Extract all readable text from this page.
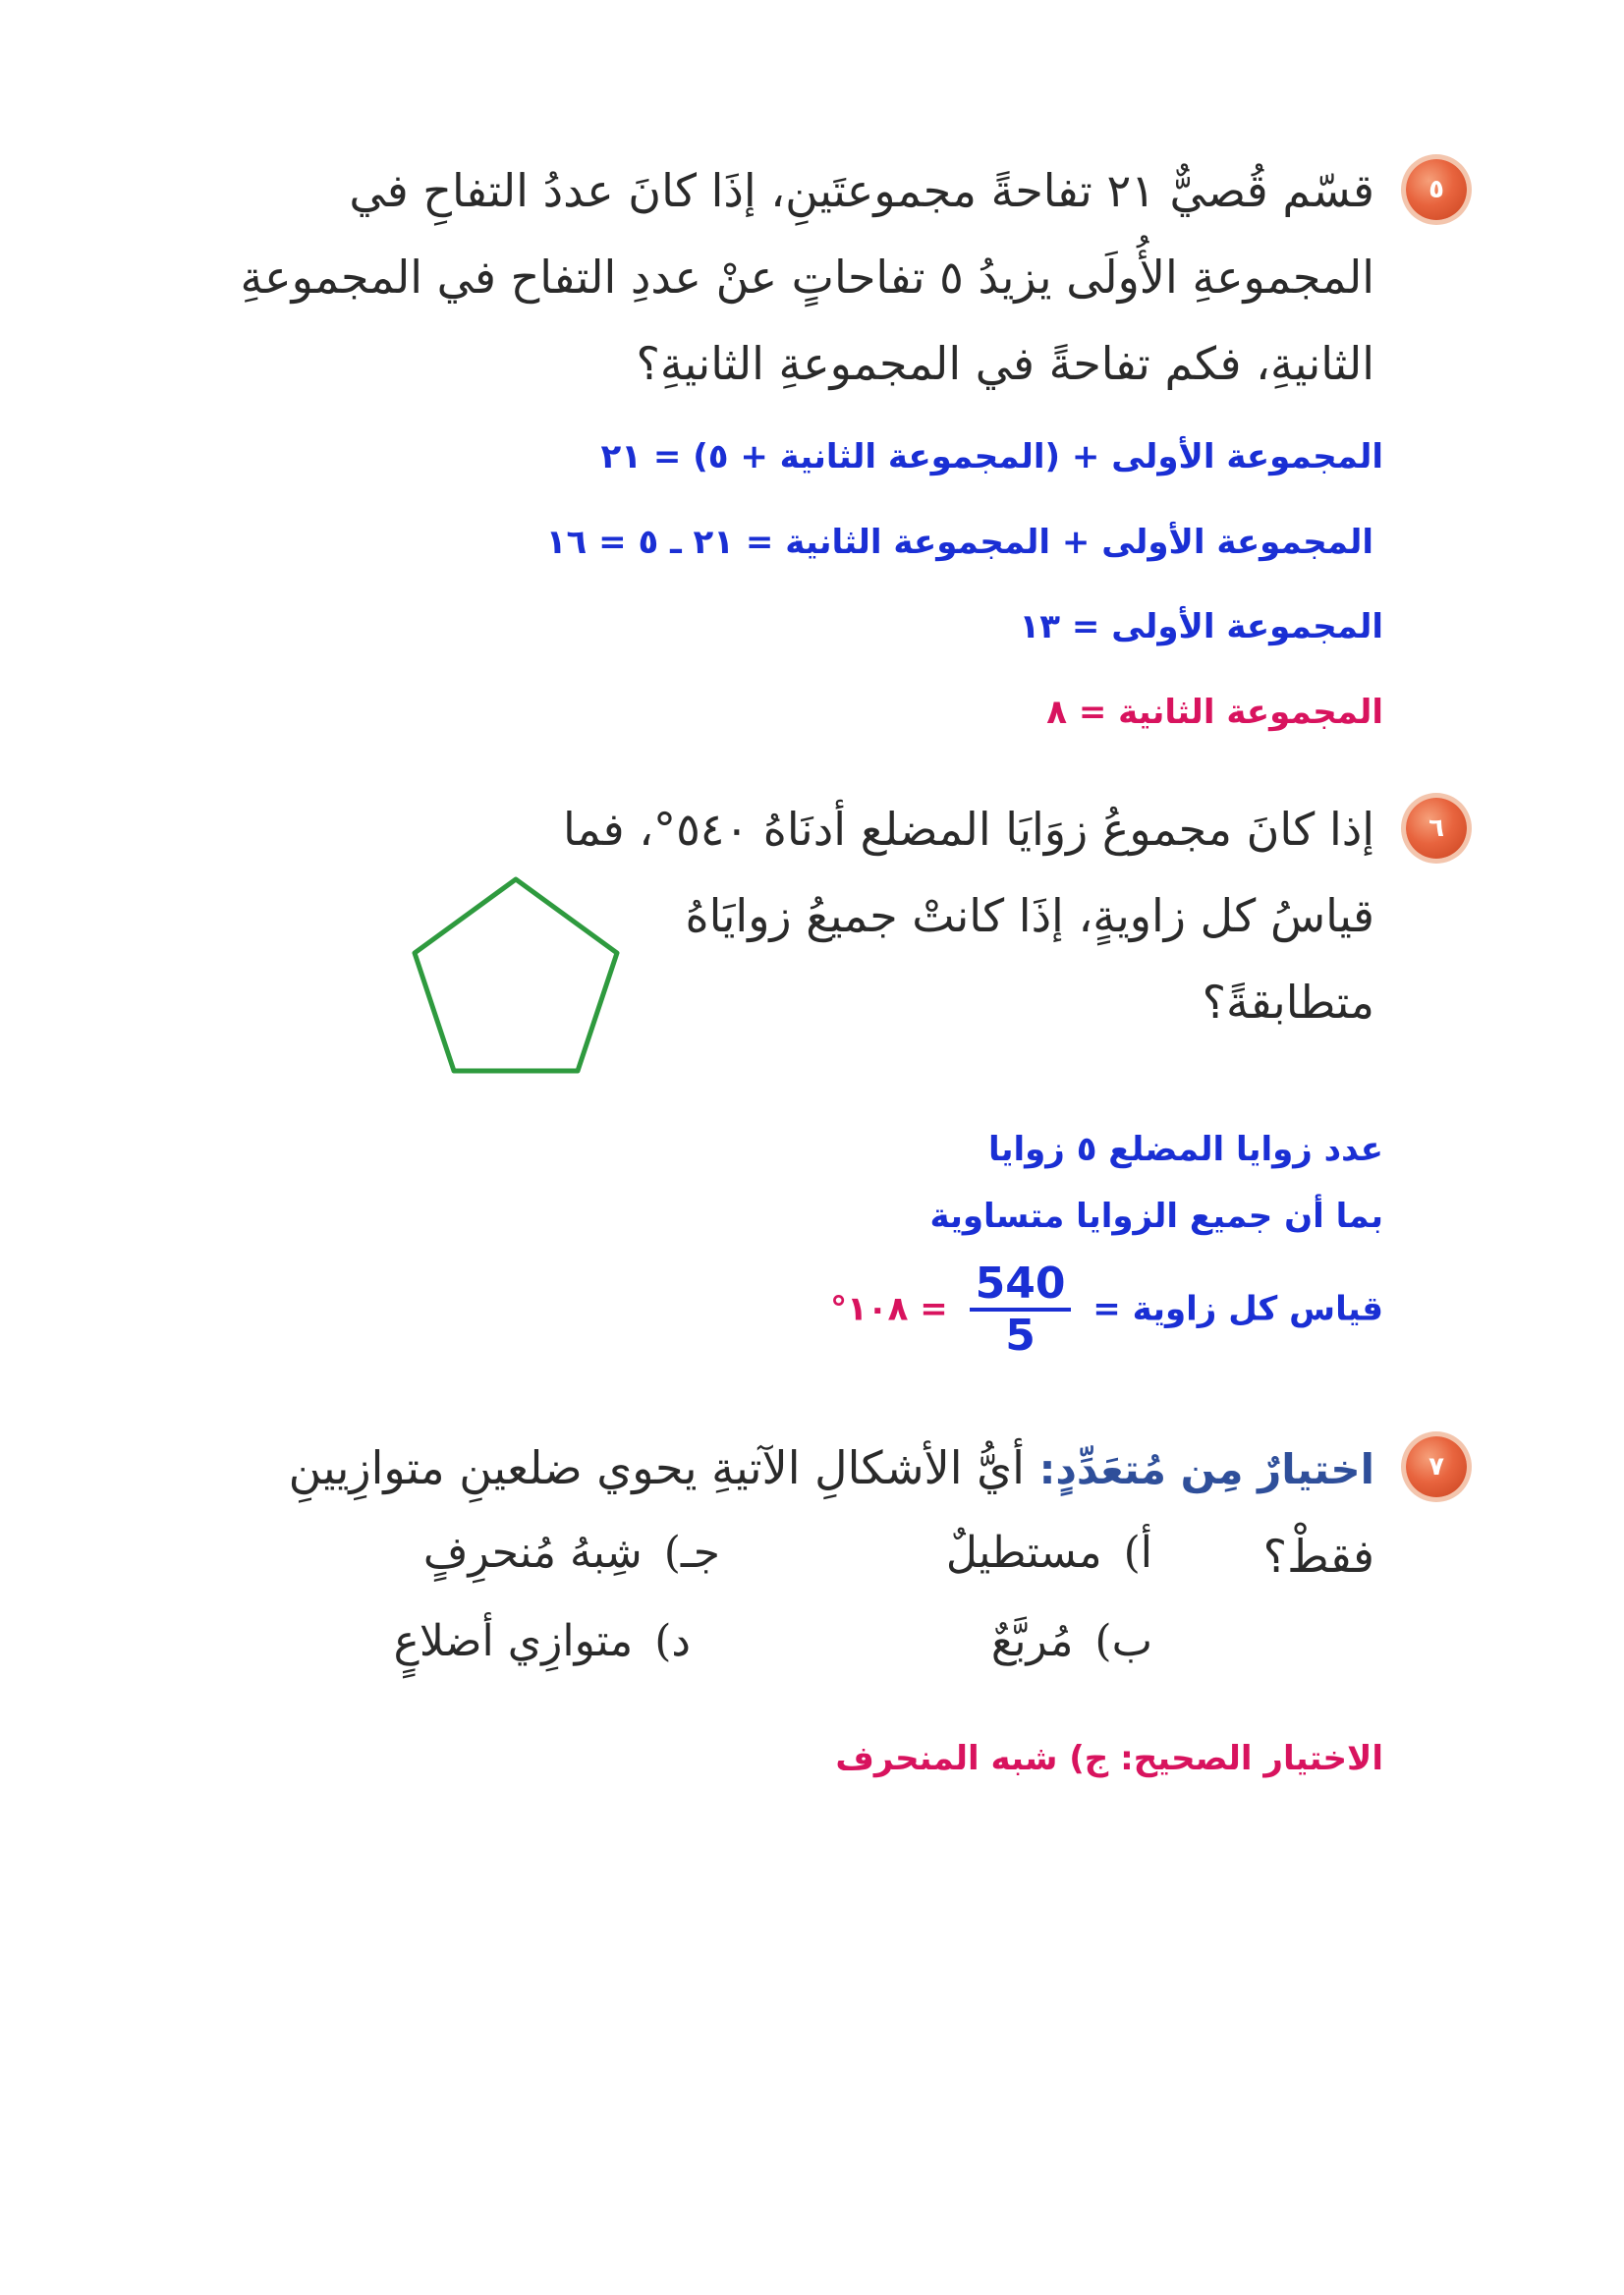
٥
قسّم قُصيٌّ ٢١ تفاحةً مجموعتَينِ، إذَا كانَ عددُ التفاحِ في المجموعةِ الأُولَى يزيدُ ٥ تفاحاتٍ عنْ عددِ التفاح في المجموعةِ الثانيةِ، فكم تفاحةً في المجموعةِ الثانيةِ؟
المجموعة الأولى + (المجموعة الثانية + ٥) = ٢١
المجموعة الأولى + المجموعة الثانية = ٢١ ـ ٥ = ١٦
المجموعة الأولى = ١٣
المجموعة الثانية = ٨
٦
إذا كانَ مجموعُ زوَايَا المضلع أدنَاهُ ٥٤٠°، فما قياسُ كل زاويةٍ، إذَا كانتْ جميعُ زوايَاهُ متطابقةً؟
عدد زوايا المضلع ٥ زوايا
بما أن جميع الزوايا متساوية
قياس كل زاوية =
$\frac{540}{5}$
= ١٠٨°
٧
اختيارٌ مِن مُتعَدِّدٍ: أيُّ الأشكالِ الآتيةِ يحوي ضلعينِ متوازِيينِ فقطْ؟
أ)مستطيلٌ
ب)مُربَّعٌ
جـ)شِبهُ مُنحرِفٍ
د)متوازِي أضلاعٍ
الاختيار الصحيح: ج) شبه المنحرف
